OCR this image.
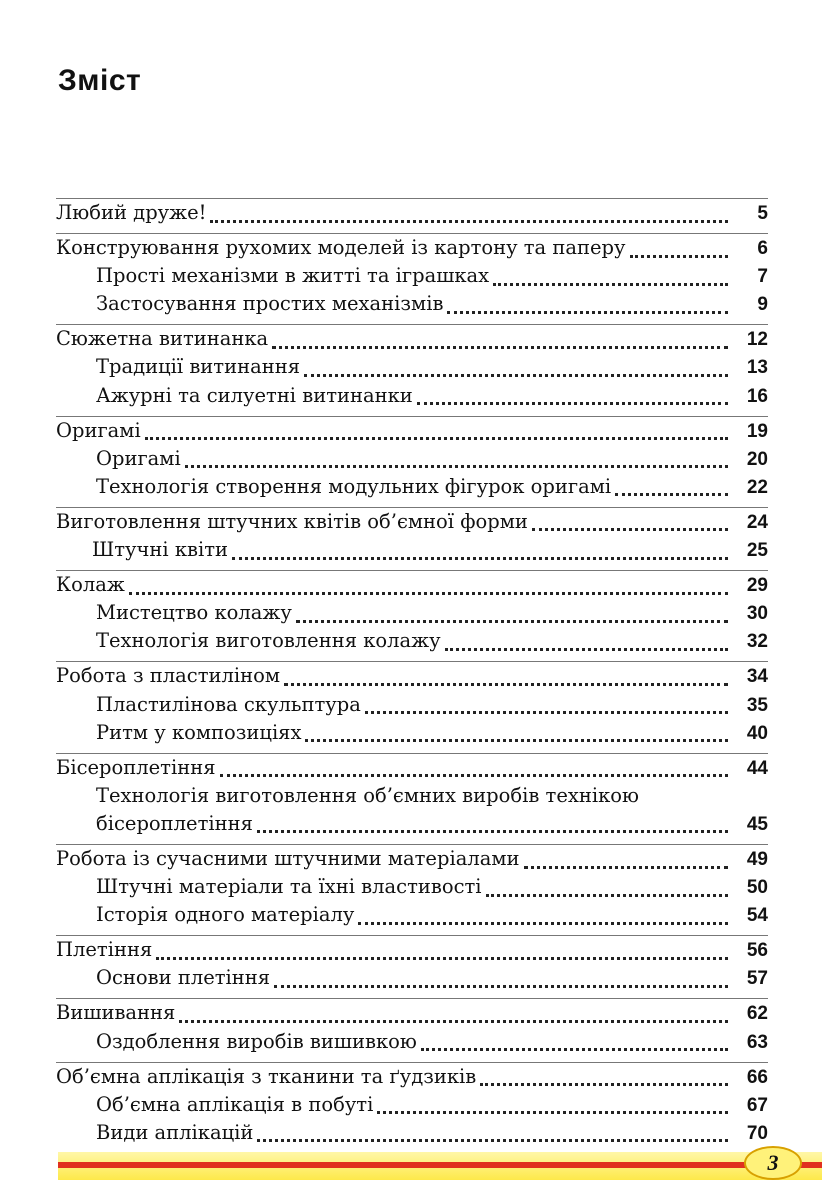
Зміст
Любий друже!	5
Конструювання рухомих моделей із картону та паперу	6
Прості механізми в житті та іграшках	7
Застосування простих механізмів	9
Сюжетна витинанка	12
Традиції витинання	13
Ажурні та силуетні витинанки	16
Оригамі	19
Оригамі	20
Технологія створення модульних фігурок оригамі	22
Виготовлення штучних квітів об’ємної форми	24
Штучні квіти	25
Колаж	29
Мистецтво колажу	30
Технологія виготовлення колажу	32
Робота з пластиліном	34
Пластилінова скульптура	35
Ритм у композиціях	40
Бісероплетіння	44
Технологія виготовлення об’ємних виробів технікою
бісероплетіння	45
Робота із сучасними штучними матеріалами	49
Штучні матеріали та їхні властивості	50
Історія одного матеріалу	54
Плетіння	56
Основи плетіння	57
Вишивання	62
Оздоблення виробів вишивкою	63
Об’ємна аплікація з тканини та ґудзиків	66
Об’ємна аплікація в побуті	67
Види аплікацій	70
3
